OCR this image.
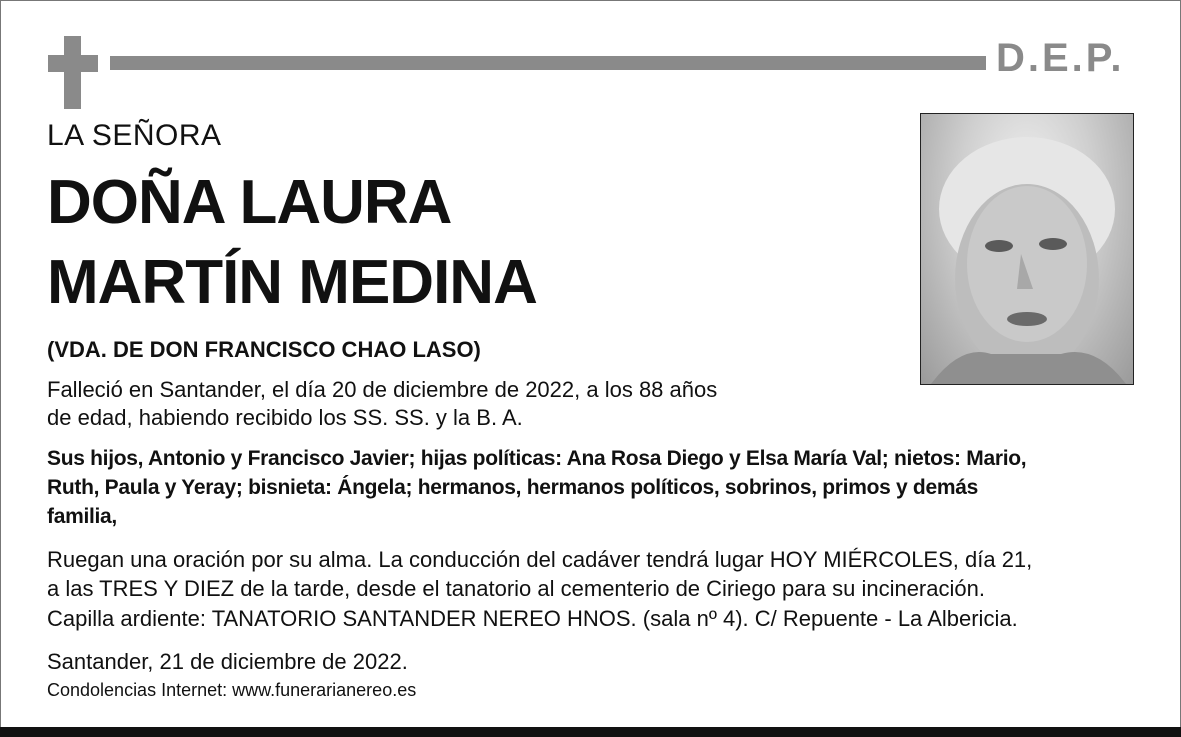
D.E.P.
LA SEÑORA
DOÑA LAURA
MARTÍN MEDINA
(VDA. DE DON FRANCISCO CHAO LASO)
Falleció en Santander, el día 20 de diciembre de 2022, a los 88 años
de edad, habiendo recibido los SS. SS. y la B. A.
Sus hijos, Antonio y Francisco Javier; hijas políticas: Ana Rosa Diego y Elsa María Val; nietos: Mario,
Ruth, Paula y Yeray; bisnieta: Ángela; hermanos, hermanos políticos, sobrinos, primos y demás
familia,
Ruegan una oración por su alma. La conducción del cadáver tendrá lugar HOY MIÉRCOLES, día 21,
a las TRES Y DIEZ de la tarde, desde el tanatorio al cementerio de Ciriego para su incineración.
Capilla ardiente: TANATORIO SANTANDER NEREO HNOS. (sala nº 4). C/ Repuente - La Albericia.
Santander, 21 de diciembre de 2022.
Condolencias Internet: www.funerarianereo.es
